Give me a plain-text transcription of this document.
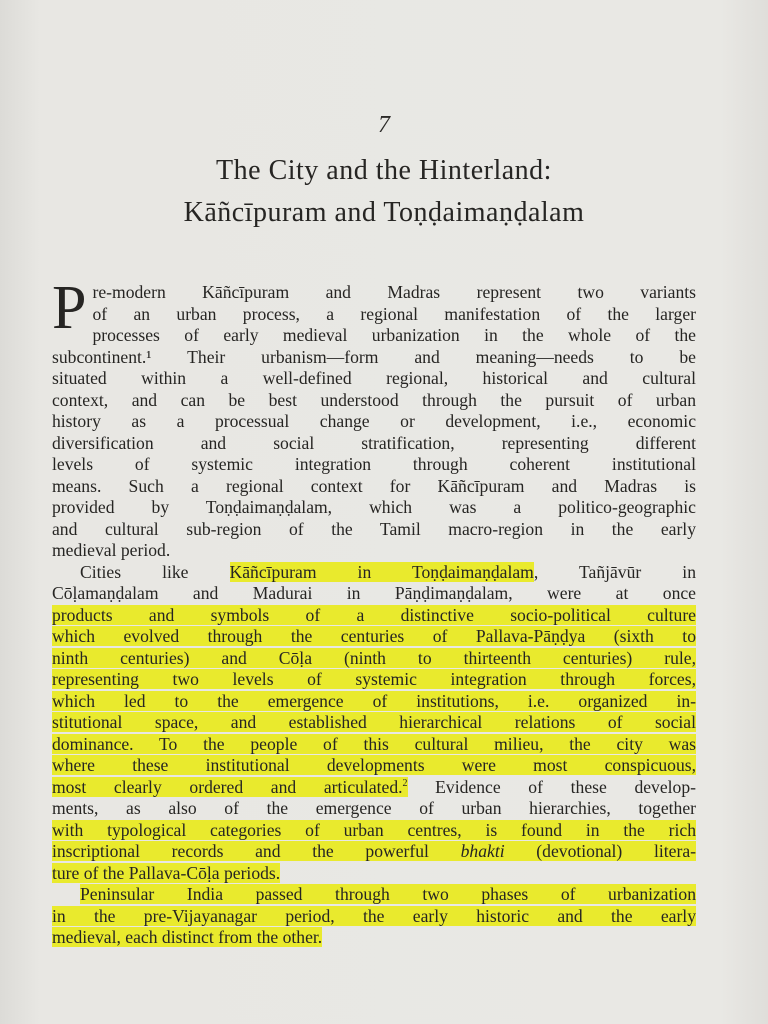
7
The City and the Hinterland:
Kāñcīpuram and Toṇḍaimaṇḍalam
P re-modern Kāñcīpuram and Madras represent two variants
of an urban process, a regional manifestation of the larger
processes of early medieval urbanization in the whole of the
subcontinent.¹ Their urbanism—form and meaning—needs to be
situated within a well-defined regional, historical and cultural
context, and can be best understood through the pursuit of urban
history as a processual change or development, i.e., economic
diversification and social stratification, representing different
levels of systemic integration through coherent institutional
means. Such a regional context for Kāñcīpuram and Madras is
provided by Toṇḍaimaṇḍalam, which was a politico-geographic
and cultural sub-region of the Tamil macro-region in the early
medieval period.
Cities like Kāñcīpuram in Toṇḍaimaṇḍalam, Tañjāvūr in
Cōḷamaṇḍalam and Madurai in Pāṇḍimaṇḍalam, were at once
products and symbols of a distinctive socio-political culture
which evolved through the centuries of Pallava-Pāṇḍya (sixth to
ninth centuries) and Cōḷa (ninth to thirteenth centuries) rule,
representing two levels of systemic integration through forces,
which led to the emergence of institutions, i.e. organized in-
stitutional space, and established hierarchical relations of social
dominance. To the people of this cultural milieu, the city was
where these institutional developments were most conspicuous,
most clearly ordered and articulated.$^2$ Evidence of these develop-
ments, as also of the emergence of urban hierarchies, together
with typological categories of urban centres, is found in the rich
inscriptional records and the powerful bhakti (devotional) litera-
ture of the Pallava-Cōḷa periods.
Peninsular India passed through two phases of urbanization
in the pre-Vijayanagar period, the early historic and the early
medieval, each distinct from the other.
